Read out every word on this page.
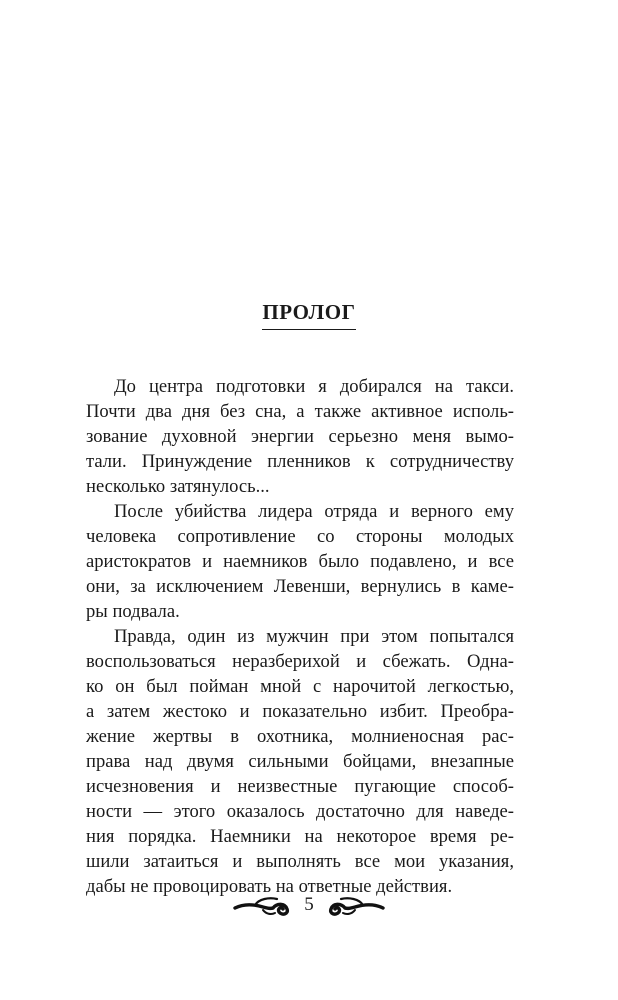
ПРОЛОГ
До центра подготовки я добирался на такси.
Почти два дня без сна, а также активное исполь-
зование духовной энергии серьезно меня вымо-
тали. Принуждение пленников к сотрудничеству
несколько затянулось...
После убийства лидера отряда и верного ему
человека сопротивление со стороны молодых
аристократов и наемников было подавлено, и все
они, за исключением Левенши, вернулись в каме-
ры подвала.
Правда, один из мужчин при этом попытался
воспользоваться неразберихой и сбежать. Одна-
ко он был пойман мной с нарочитой легкостью,
а затем жестоко и показательно избит. Преобра-
жение жертвы в охотника, молниеносная рас-
права над двумя сильными бойцами, внезапные
исчезновения и неизвестные пугающие способ-
ности — этого оказалось достаточно для наведе-
ния порядка. Наемники на некоторое время ре-
шили затаиться и выполнять все мои указания,
дабы не провоцировать на ответные действия.
5
